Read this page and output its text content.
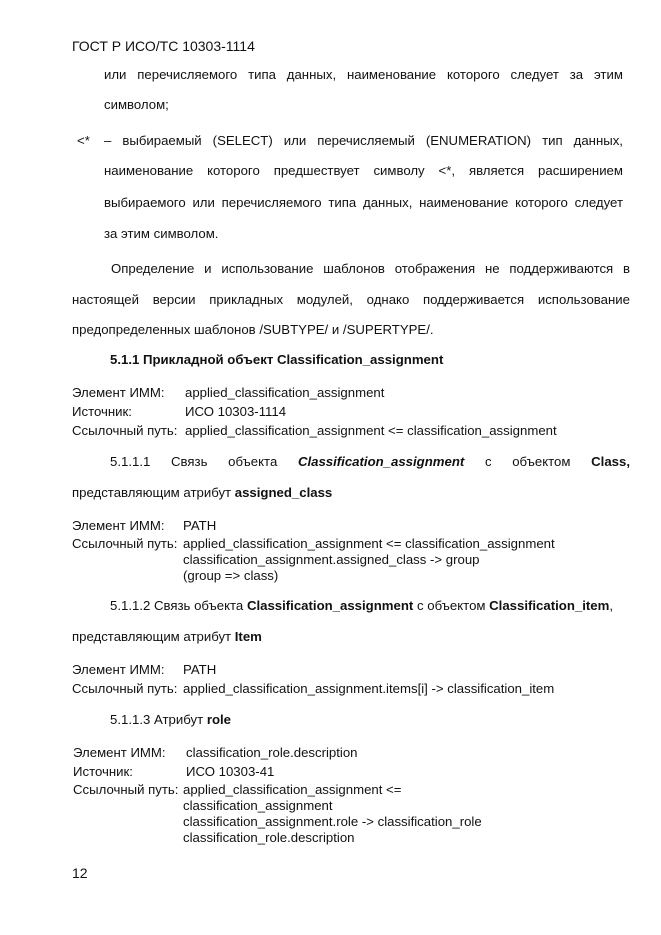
ГОСТ Р ИСО/ТС 10303-1114
или перечисляемого типа данных, наименование которого следует за этим
символом;
<* – выбираемый (SELECT) или перечисляемый (ENUMERATION) тип данных,
наименование которого предшествует символу <*, является расширением
выбираемого или перечисляемого типа данных, наименование которого следует
за этим символом.
Определение и использование шаблонов отображения не поддерживаются в
настоящей версии прикладных модулей, однако поддерживается использование
предопределенных шаблонов /SUBTYPE/ и /SUPERTYPE/.
5.1.1 Прикладной объект Classification_assignment
Элемент ИММ:	applied_classification_assignment
Источник:	ИСО 10303-1114
Ссылочный путь: applied_classification_assignment <= classification_assignment
5.1.1.1 Связь объекта Classification_assignment с объектом Class,
представляющим атрибут assigned_class
Элемент ИММ:	PATH
Ссылочный путь: applied_classification_assignment <= classification_assignment
classification_assignment.assigned_class -> group
(group => class)
5.1.1.2 Связь объекта Classification_assignment с объектом Classification_item,
представляющим атрибут Item
Элемент ИММ:	PATH
Ссылочный путь: applied_classification_assignment.items[i] -> classification_item
5.1.1.3 Атрибут role
Элемент ИММ:	classification_role.description
Источник:	ИСО 10303-41
Ссылочный путь: applied_classification_assignment <=
classification_assignment
classification_assignment.role -> classification_role
classification_role.description
12
